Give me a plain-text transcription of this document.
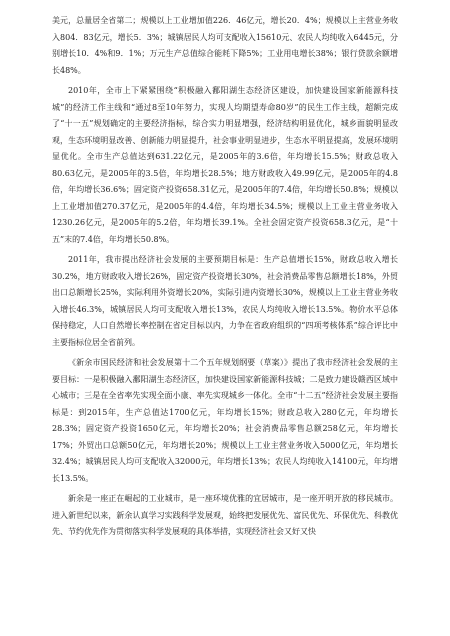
美元，总量居全省第二；规模以上工业增加值226．46亿元，增长20．4%；规模以上主营业务收入804．83亿元，增长5．3%；城镇居民人均可支配收入15610元、农民人均纯收入6445元，分别增长10．4%和9．1%；万元生产总值综合能耗下降5%；工业用电增长38%；银行贷款余额增长48%。

2010年，全市上下紧紧围绕“积极融入鄱阳湖生态经济区建设，加快建设国家新能源科技城”的经济工作主线和“通过8至10年努力，实现人均期望寿命80岁”的民生工作主线，超额完成了“十一五”规划确定的主要经济指标，综合实力明显增强，经济结构明显优化，城乡面貌明显改观，生态环境明显改善、创新能力明显提升，社会事业明显进步，生态水平明显提高，发展环境明显优化。全市生产总值达到631.22亿元，是2005年的3.6倍，年均增长15.5%；财政总收入80.63亿元，是2005年的3.5倍，年均增长28.5%；地方财政收入49.99亿元，是2005年的4.8倍，年均增长36.6%；固定资产投资658.31亿元，是2005年的7.4倍，年均增长50.8%；规模以上工业增加值270.37亿元，是2005年的4.4倍，年均增长34.5%；规模以上工业主营业务收入1230.26亿元，是2005年的5.2倍，年均增长39.1%。全社会固定资产投资658.3亿元，是“十五”末的7.4倍，年均增长50.8%。

2011年，我市提出经济社会发展的主要预期目标是：生产总值增长15%，财政总收入增长30.2%，地方财政收入增长26%，固定资产投资增长30%，社会消费品零售总额增长18%，外贸出口总额增长25%，实际利用外资增长20%，实际引进内资增长30%，规模以上工业主营业务收入增长46.3%，城镇居民人均可支配收入增长13%，农民人均纯收入增长13.5%。物价水平总体保持稳定，人口自然增长率控制在省定目标以内，力争在省政府组织的“四项考核体系”综合评比中主要指标位居全省前列。

《新余市国民经济和社会发展第十二个五年规划纲要（草案）》提出了我市经济社会发展的主要目标：一是积极融入鄱阳湖生态经济区，加快建设国家新能源科技城；二是致力建设赣西区域中心城市；三是在全省率先实现全面小康、率先实现城乡一体化。全市“十二五”经济社会发展主要指标是：到2015年，生产总值达1700亿元，年均增长15%；财政总收入280亿元，年均增长28.3%；固定资产投资1650亿元，年均增长20%；社会消费品零售总额258亿元，年均增长17%；外贸出口总额50亿元，年均增长20%；规模以上工业主营业务收入5000亿元，年均增长32.4%；城镇居民人均可支配收入32000元，年均增长13%；农民人均纯收入14100元，年均增长13.5%。

新余是一座正在崛起的工业城市，是一座环境优雅的宜居城市，是一座开明开放的移民城市。进入新世纪以来，新余认真学习实践科学发展观，始终把发展优先、富民优先、环保优先、科教优先、节约优先作为贯彻落实科学发展观的具体举措，实现经济社会又好又快
